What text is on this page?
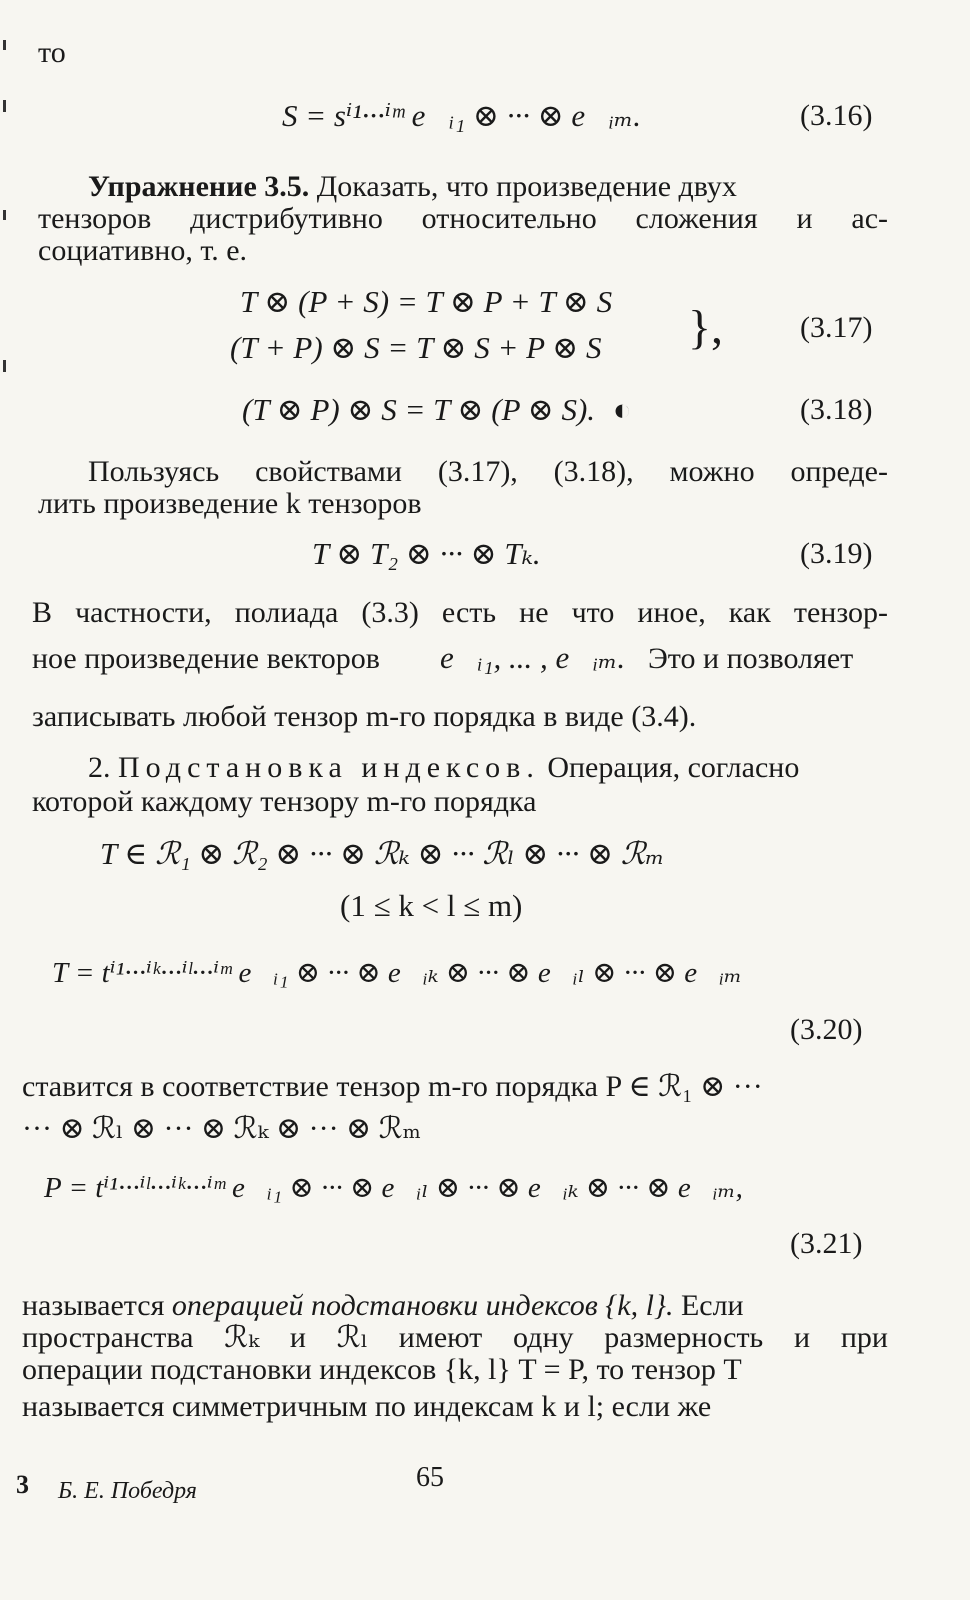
то
S = sⁱ¹···ⁱᵐ e⃗ᵢ₁ ⊗ ··· ⊗ e⃗ᵢₘ.	(3.16)
Упражнение 3.5. Доказать, что произведение двух
тензоров дистрибутивно относительно сложения и ас-
социативно, т. е.
T ⊗ (P + S) = T ⊗ P + T ⊗ S
(T + P) ⊗ S = T ⊗ S + P ⊗ S },	(3.17)
(T ⊗ P) ⊗ S = T ⊗ (P ⊗ S). ◐	(3.18)
Пользуясь свойствами (3.17), (3.18), можно опреде-
лить произведение k тензоров
T ⊗ T₂ ⊗ ··· ⊗ Tₖ.	(3.19)
В частности, полиада (3.3) есть не что иное, как тензор-
ное произведение векторов e⃗ᵢ₁, ... , e⃗ᵢₘ. Это и позволяет
записывать любой тензор m-го порядка в виде (3.4).
2. Подстановка индексов. Операция, согласно
которой каждому тензору m-го порядка
T ∈ ℛ₁ ⊗ ℛ₂ ⊗ ··· ⊗ ℛₖ ⊗ ··· ℛₗ ⊗ ··· ⊗ ℛₘ
(1 ≤ k < l ≤ m)
T = tⁱ¹···ⁱᵏ···ⁱˡ···ⁱᵐ e⃗ᵢ₁ ⊗ ··· ⊗ e⃗ᵢₖ ⊗ ··· ⊗ e⃗ᵢₗ ⊗ ··· ⊗ e⃗ᵢₘ
(3.20)
ставится в соответствие тензор m-го порядка P ∈ ℛ₁ ⊗ ···
··· ⊗ ℛₗ ⊗ ··· ⊗ ℛₖ ⊗ ··· ⊗ ℛₘ
P = tⁱ¹···ⁱˡ···ⁱᵏ···ⁱᵐ e⃗ᵢ₁ ⊗ ··· ⊗ e⃗ᵢₗ ⊗ ··· ⊗ e⃗ᵢₖ ⊗ ··· ⊗ e⃗ᵢₘ,
(3.21)
называется операцией подстановки индексов {k, l}. Если
пространства ℛₖ и ℛₗ имеют одну размерность и при
операции подстановки индексов {k, l} T = P, то тензор T
называется симметричным по индексам k и l; если же
3 Б. Е. Победря	65
